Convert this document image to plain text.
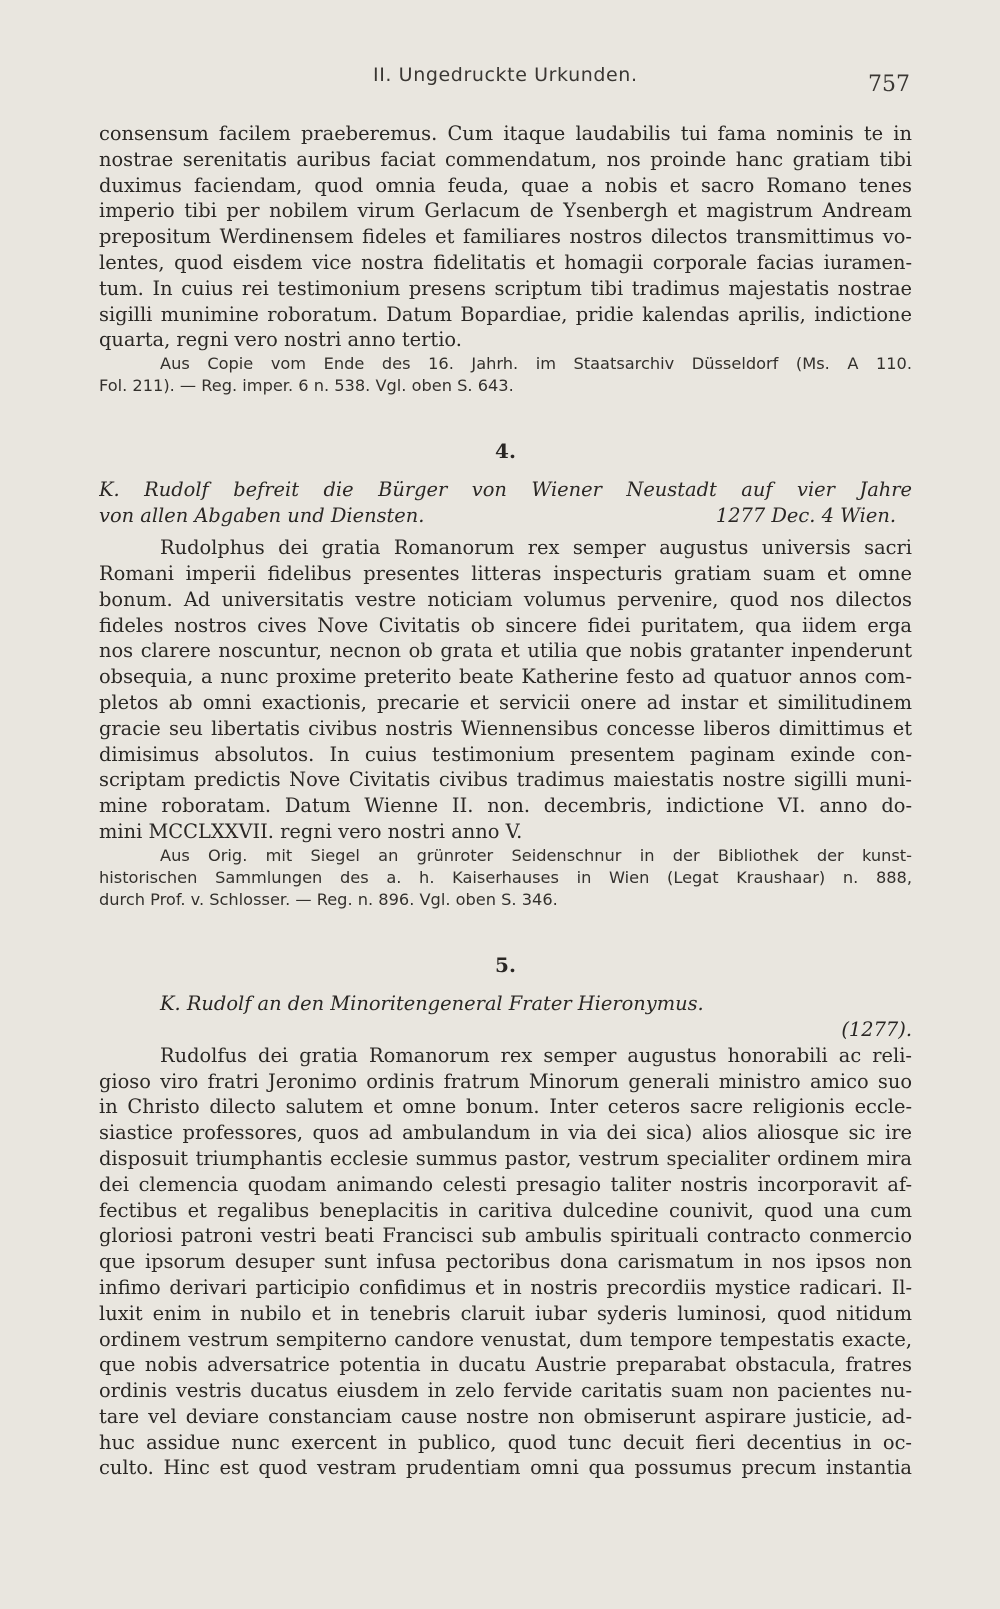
II. Ungedruckte Urkunden.	757
consensum facilem praeberemus. Cum itaque laudabilis tui fama nominis te in
nostrae serenitatis auribus faciat commendatum, nos proinde hanc gratiam tibi
duximus faciendam, quod omnia feuda, quae a nobis et sacro Romano tenes
imperio tibi per nobilem virum Gerlacum de Ysenbergh et magistrum Andream
prepositum Werdinensem fideles et familiares nostros dilectos transmittimus vo-
lentes, quod eisdem vice nostra fidelitatis et homagii corporale facias iuramen-
tum. In cuius rei testimonium presens scriptum tibi tradimus majestatis nostrae
sigilli munimine roboratum. Datum Bopardiae, pridie kalendas aprilis, indictione
quarta, regni vero nostri anno tertio.
Aus Copie vom Ende des 16. Jahrh. im Staatsarchiv Düsseldorf (Ms. A 110.
Fol. 211). — Reg. imper. 6 n. 538. Vgl. oben S. 643.
4.
K. Rudolf befreit die Bürger von Wiener Neustadt auf vier Jahre
von allen Abgaben und Diensten.	1277 Dec. 4 Wien.
Rudolphus dei gratia Romanorum rex semper augustus universis sacri
Romani imperii fidelibus presentes litteras inspecturis gratiam suam et omne
bonum. Ad universitatis vestre noticiam volumus pervenire, quod nos dilectos
fideles nostros cives Nove Civitatis ob sincere fidei puritatem, qua iidem erga
nos clarere noscuntur, necnon ob grata et utilia que nobis gratanter inpenderunt
obsequia, a nunc proxime preterito beate Katherine festo ad quatuor annos com-
pletos ab omni exactionis, precarie et servicii onere ad instar et similitudinem
gracie seu libertatis civibus nostris Wiennensibus concesse liberos dimittimus et
dimisimus absolutos. In cuius testimonium presentem paginam exinde con-
scriptam predictis Nove Civitatis civibus tradimus maiestatis nostre sigilli muni-
mine roboratam. Datum Wienne II. non. decembris, indictione VI. anno do-
mini MCCLXXVII. regni vero nostri anno V.
Aus Orig. mit Siegel an grünroter Seidenschnur in der Bibliothek der kunst-
historischen Sammlungen des a. h. Kaiserhauses in Wien (Legat Kraushaar) n. 888,
durch Prof. v. Schlosser. — Reg. n. 896. Vgl. oben S. 346.
5.
K. Rudolf an den Minoritengeneral Frater Hieronymus.
(1277).
Rudolfus dei gratia Romanorum rex semper augustus honorabili ac reli-
gioso viro fratri Jeronimo ordinis fratrum Minorum generali ministro amico suo
in Christo dilecto salutem et omne bonum. Inter ceteros sacre religionis eccle-
siastice professores, quos ad ambulandum in via dei sica) alios aliosque sic ire
disposuit triumphantis ecclesie summus pastor, vestrum specialiter ordinem mira
dei clemencia quodam animando celesti presagio taliter nostris incorporavit af-
fectibus et regalibus beneplacitis in caritiva dulcedine counivit, quod una cum
gloriosi patroni vestri beati Francisci sub ambulis spirituali contracto conmercio
que ipsorum desuper sunt infusa pectoribus dona carismatum in nos ipsos non
infimo derivari participio confidimus et in nostris precordiis mystice radicari. Il-
luxit enim in nubilo et in tenebris claruit iubar syderis luminosi, quod nitidum
ordinem vestrum sempiterno candore venustat, dum tempore tempestatis exacte,
que nobis adversatrice potentia in ducatu Austrie preparabat obstacula, fratres
ordinis vestris ducatus eiusdem in zelo fervide caritatis suam non pacientes nu-
tare vel deviare constanciam cause nostre non obmiserunt aspirare justicie, ad-
huc assidue nunc exercent in publico, quod tunc decuit fieri decentius in oc-
culto. Hinc est quod vestram prudentiam omni qua possumus precum instantia
